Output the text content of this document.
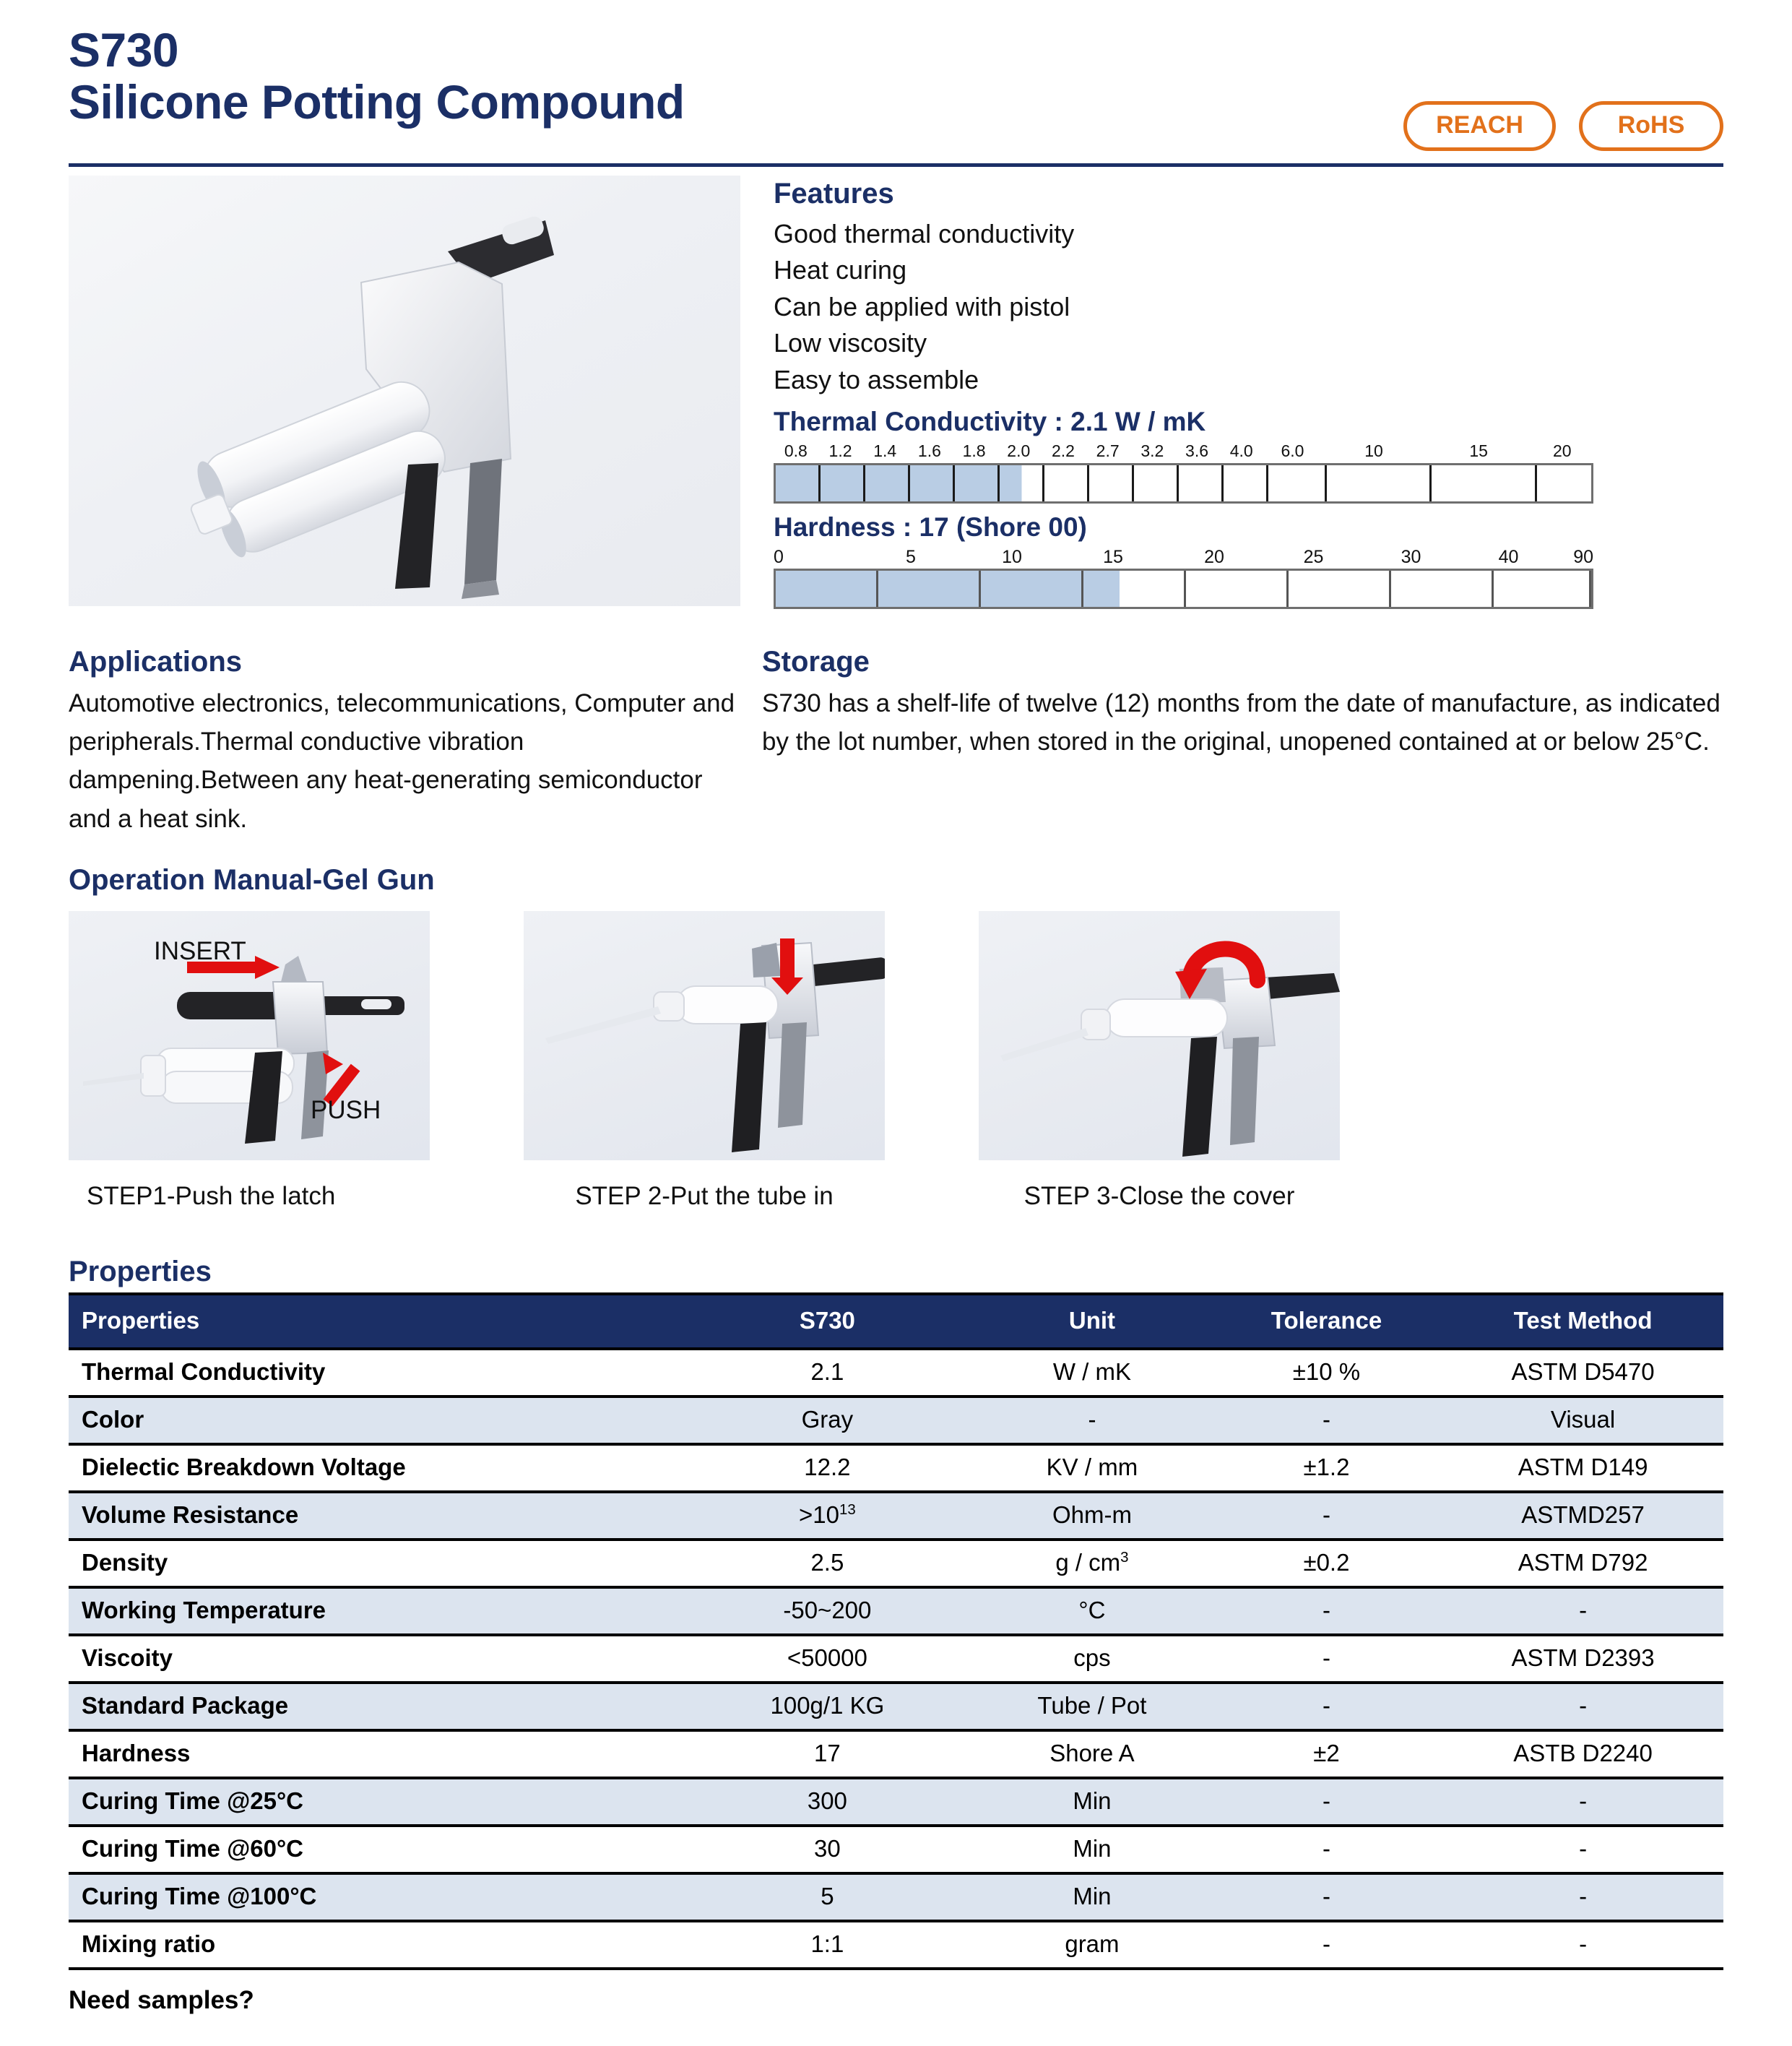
S730
Silicone Potting Compound	REACH	RoHS
Features
Good thermal conductivity
Heat curing
Can be applied with pistol
Low viscosity
Easy to assemble
Thermal Conductivity : 2.1 W / mK
0.8	1.2	1.4	1.6	1.8	2.0	2.2	2.7	3.2	3.6	4.0	6.0	10	15	20
Hardness : 17 (Shore 00)
0	5	10	15	20	25	30	40	90
Applications
Automotive electronics, telecommunications, Computer and peripherals.Thermal conductive vibration dampening.Between any heat-generating semiconductor and a heat sink.
Storage
S730 has a shelf-life of twelve (12) months from the date of manufacture, as indicated by the lot number, when stored in the original, unopened contained at or below 25°C.
Operation Manual-Gel Gun
INSERT
PUSH
STEP1-Push the latch	STEP 2-Put the tube in	STEP 3-Close the cover
Properties
Properties	S730	Unit	Tolerance	Test Method
Thermal Conductivity	2.1	W / mK	±10 %	ASTM D5470
Color	Gray	-	-	Visual
Dielectic Breakdown Voltage	12.2	KV / mm	±1.2	ASTM D149
Volume Resistance	$>10^{13}$	Ohm-m	-	ASTMD257
Density	2.5	g / $cm^3$	±0.2	ASTM D792
Working Temperature	-50~200	°C	-	-
Viscoity	<50000	cps	-	ASTM D2393
Standard Package	100g/1 KG	Tube / Pot	-	-
Hardness	17	Shore A	±2	ASTB D2240
Curing Time @25°C	300	Min	-	-
Curing Time @60°C	30	Min	-	-
Curing Time @100°C	5	Min	-	-
Mixing ratio	1:1	gram	-	-
Need samples?
